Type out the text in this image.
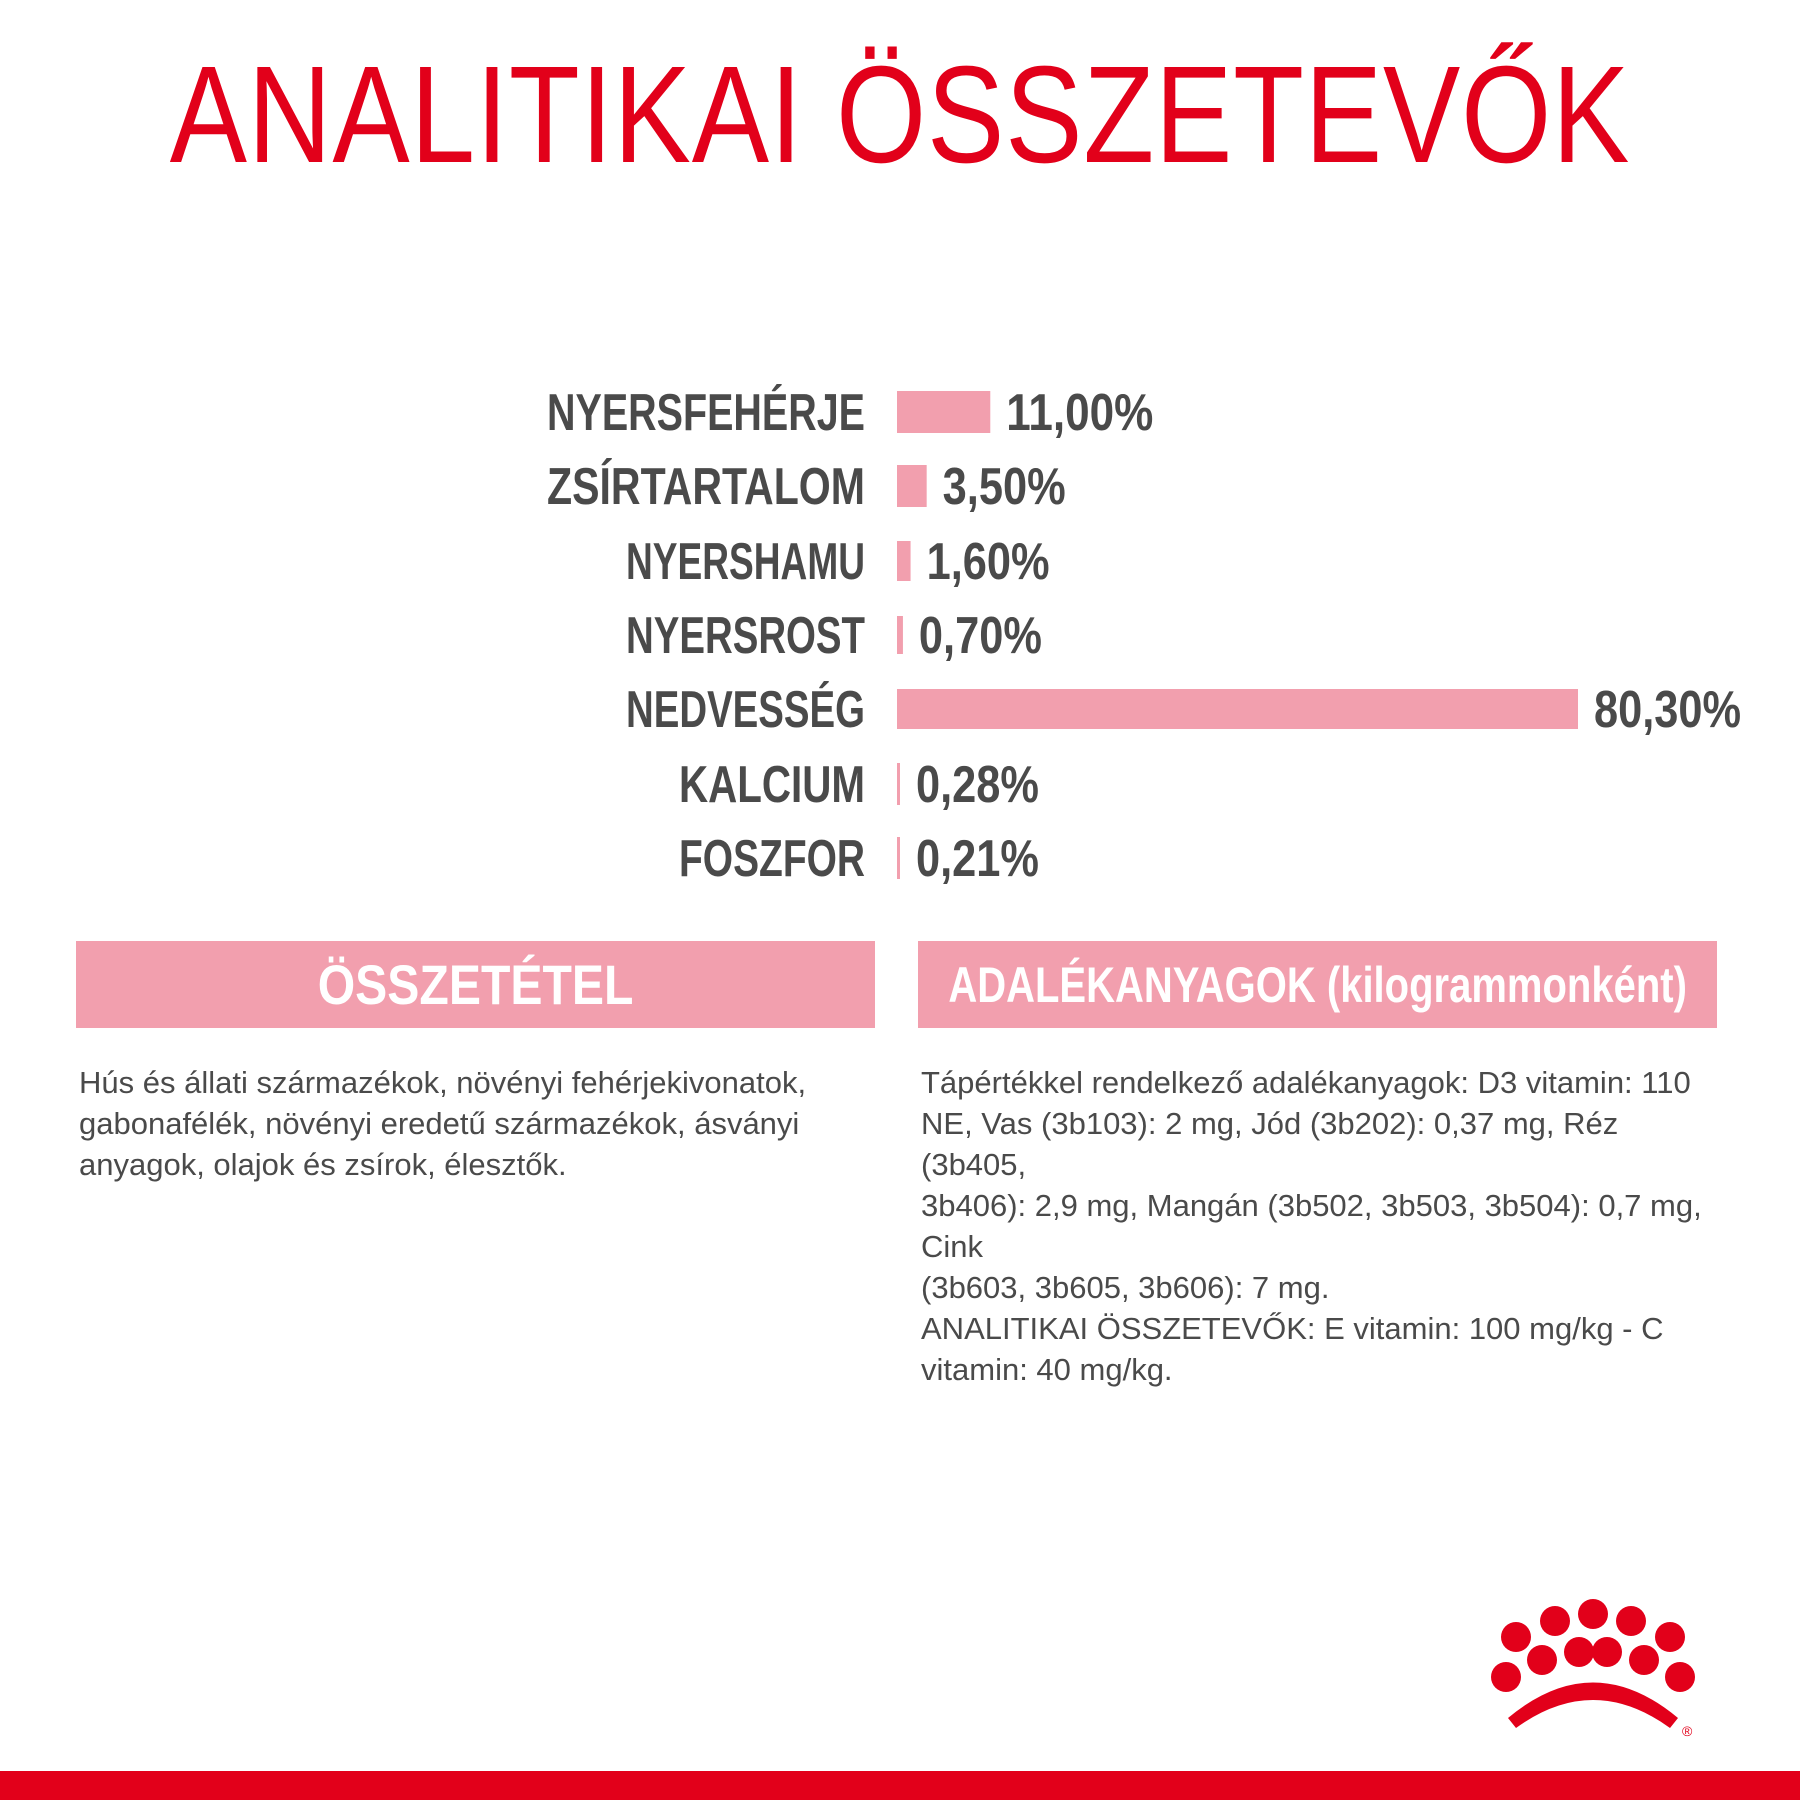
ANALITIKAI ÖSSZETEVŐK
NYERSFEHÉRJE	11,00%
ZSÍRTARTALOM 3,50%
NYERSHAMU 1,60%
NYERSROST 0,70%
NEDVESSÉG	80,30%
KALCIUM 0,28%
FOSZFOR 0,21%
ÖSSZETÉTEL	ADALÉKANYAGOK (kilogrammonként)
Hús és állati származékok, növényi fehérjekivonatok,
gabonafélék, növényi eredetű származékok, ásványi
anyagok, olajok és zsírok, élesztők.
Tápértékkel rendelkező adalékanyagok: D3 vitamin: 110
NE, Vas (3b103): 2 mg, Jód (3b202): 0,37 mg, Réz (3b405,
3b406): 2,9 mg, Mangán (3b502, 3b503, 3b504): 0,7 mg, Cink
(3b603, 3b605, 3b606): 7 mg.
ANALITIKAI ÖSSZETEVŐK: E vitamin: 100 mg/kg - C
vitamin: 40 mg/kg.
®
